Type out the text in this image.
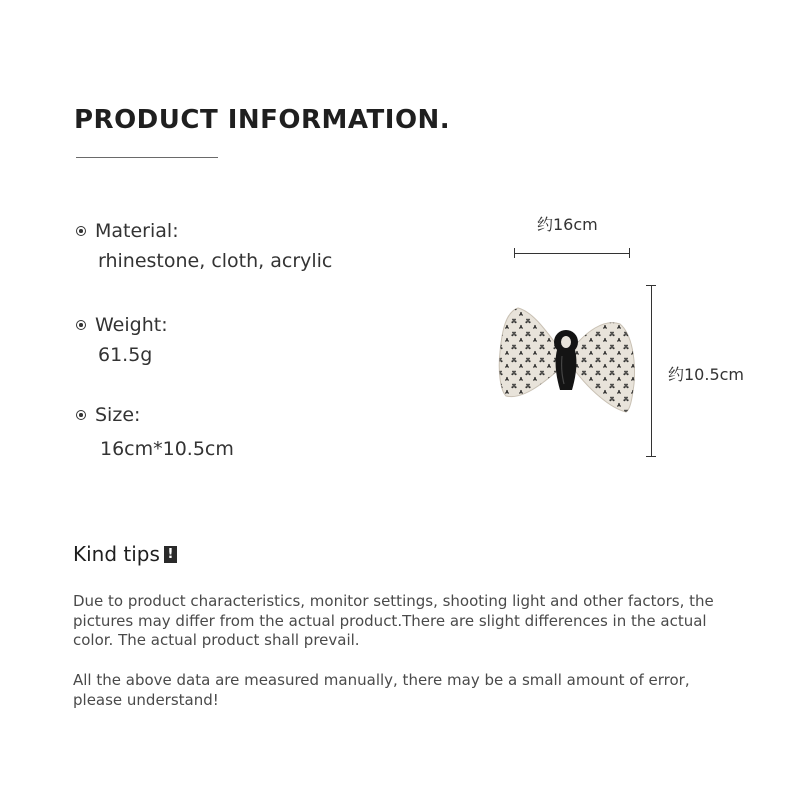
PRODUCT INFORMATION.
Material:
rhinestone, cloth, acrylic
Weight:
61.5g
Size:
16cm*10.5cm
约16cm
约10.5cm
Kind tips !
Due to product characteristics, monitor settings, shooting light and other factors, the pictures may differ from the actual product.There are slight differences in the actual color. The actual product shall prevail.
All the above data are measured manually, there may be a small amount of error, please understand!
